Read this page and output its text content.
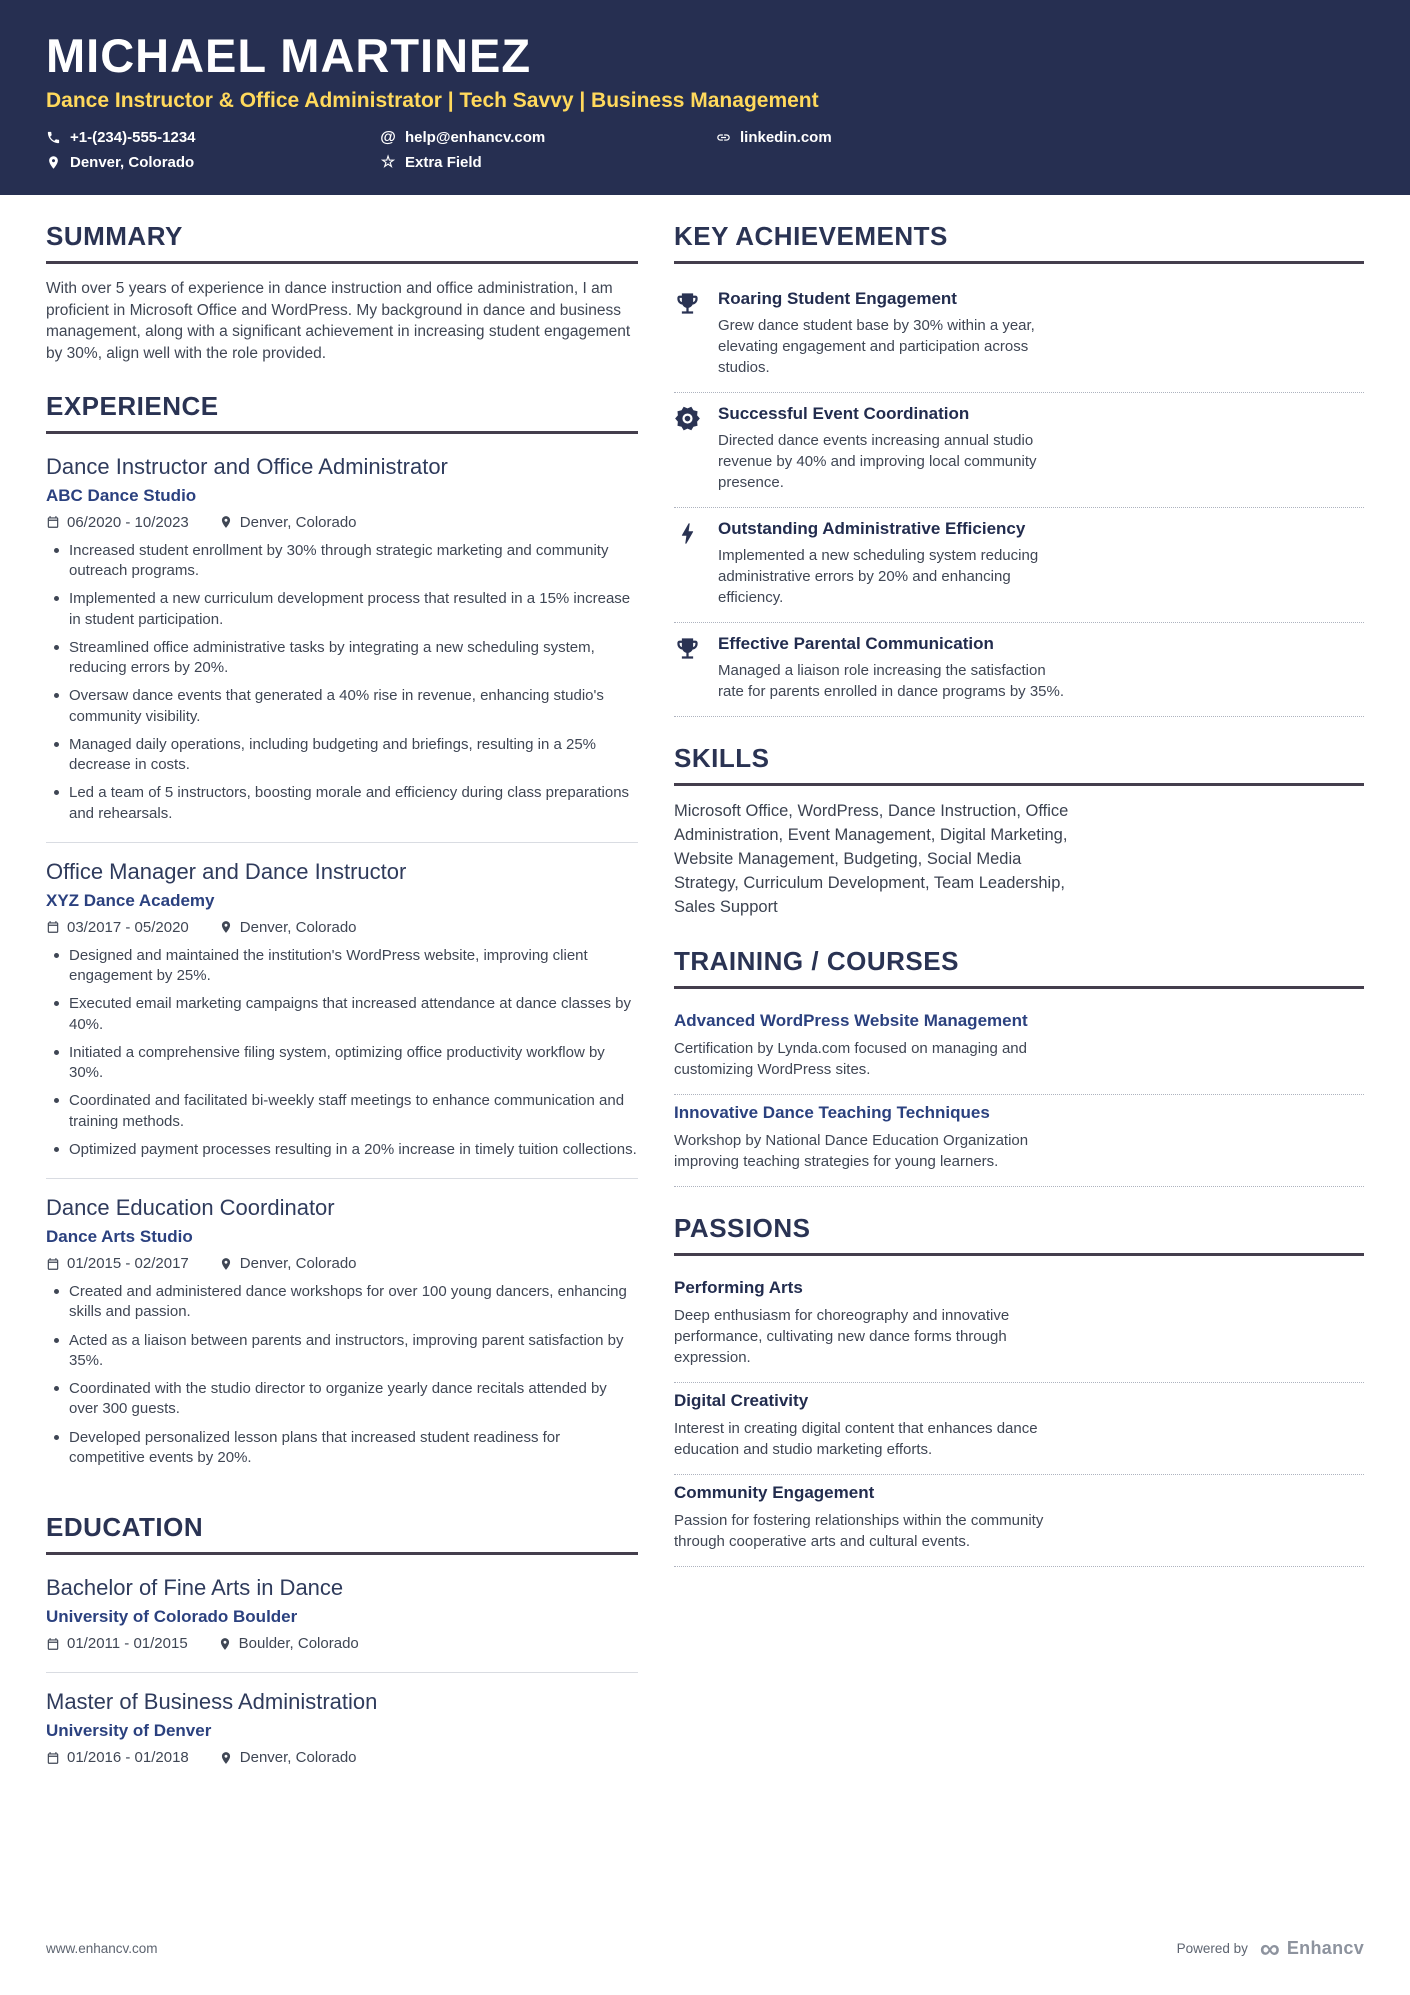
MICHAEL MARTINEZ
Dance Instructor & Office Administrator | Tech Savvy | Business Management
+1-(234)-555-1234	@ help@enhancv.com	linkedin.com
Denver, Colorado	☆ Extra Field
SUMMARY

With over 5 years of experience in dance instruction and office administration, I am proficient in Microsoft Office and WordPress. My background in dance and business management, along with a significant achievement in increasing student engagement by 30%, align well with the role provided.

EXPERIENCE
Dance Instructor and Office Administrator
ABC Dance Studio
06/2020 - 10/2023	Denver, Colorado
Increased student enrollment by 30% through strategic marketing and community outreach programs.
Implemented a new curriculum development process that resulted in a 15% increase in student participation.
Streamlined office administrative tasks by integrating a new scheduling system, reducing errors by 20%.
Oversaw dance events that generated a 40% rise in revenue, enhancing studio's community visibility.
Managed daily operations, including budgeting and briefings, resulting in a 25% decrease in costs.
Led a team of 5 instructors, boosting morale and efficiency during class preparations and rehearsals.
Office Manager and Dance Instructor
XYZ Dance Academy
03/2017 - 05/2020	Denver, Colorado
Designed and maintained the institution's WordPress website, improving client engagement by 25%.
Executed email marketing campaigns that increased attendance at dance classes by 40%.
Initiated a comprehensive filing system, optimizing office productivity workflow by 30%.
Coordinated and facilitated bi-weekly staff meetings to enhance communication and training methods.
Optimized payment processes resulting in a 20% increase in timely tuition collections.
Dance Education Coordinator
Dance Arts Studio
01/2015 - 02/2017	Denver, Colorado
Created and administered dance workshops for over 100 young dancers, enhancing skills and passion.
Acted as a liaison between parents and instructors, improving parent satisfaction by 35%.
Coordinated with the studio director to organize yearly dance recitals attended by over 300 guests.
Developed personalized lesson plans that increased student readiness for competitive events by 20%.
EDUCATION
Bachelor of Fine Arts in Dance
University of Colorado Boulder
01/2011 - 01/2015	Boulder, Colorado
Master of Business Administration
University of Denver
01/2016 - 01/2018	Denver, Colorado
KEY ACHIEVEMENTS
Roaring Student Engagement

Grew dance student base by 30% within a year, elevating engagement and participation across studios.

Successful Event Coordination

Directed dance events increasing annual studio revenue by 40% and improving local community presence.

Outstanding Administrative Efficiency

Implemented a new scheduling system reducing administrative errors by 20% and enhancing efficiency.

Effective Parental Communication

Managed a liaison role increasing the satisfaction rate for parents enrolled in dance programs by 35%.

SKILLS

Microsoft Office, WordPress, Dance Instruction, Office Administration, Event Management, Digital Marketing, Website Management, Budgeting, Social Media Strategy, Curriculum Development, Team Leadership, Sales Support

TRAINING / COURSES
Advanced WordPress Website Management

Certification by Lynda.com focused on managing and customizing WordPress sites.

Innovative Dance Teaching Techniques

Workshop by National Dance Education Organization improving teaching strategies for young learners.

PASSIONS
Performing Arts

Deep enthusiasm for choreography and innovative performance, cultivating new dance forms through expression.

Digital Creativity

Interest in creating digital content that enhances dance education and studio marketing efforts.

Community Engagement

Passion for fostering relationships within the community through cooperative arts and cultural events.

www.enhancv.com	Powered by ∞ Enhancv
